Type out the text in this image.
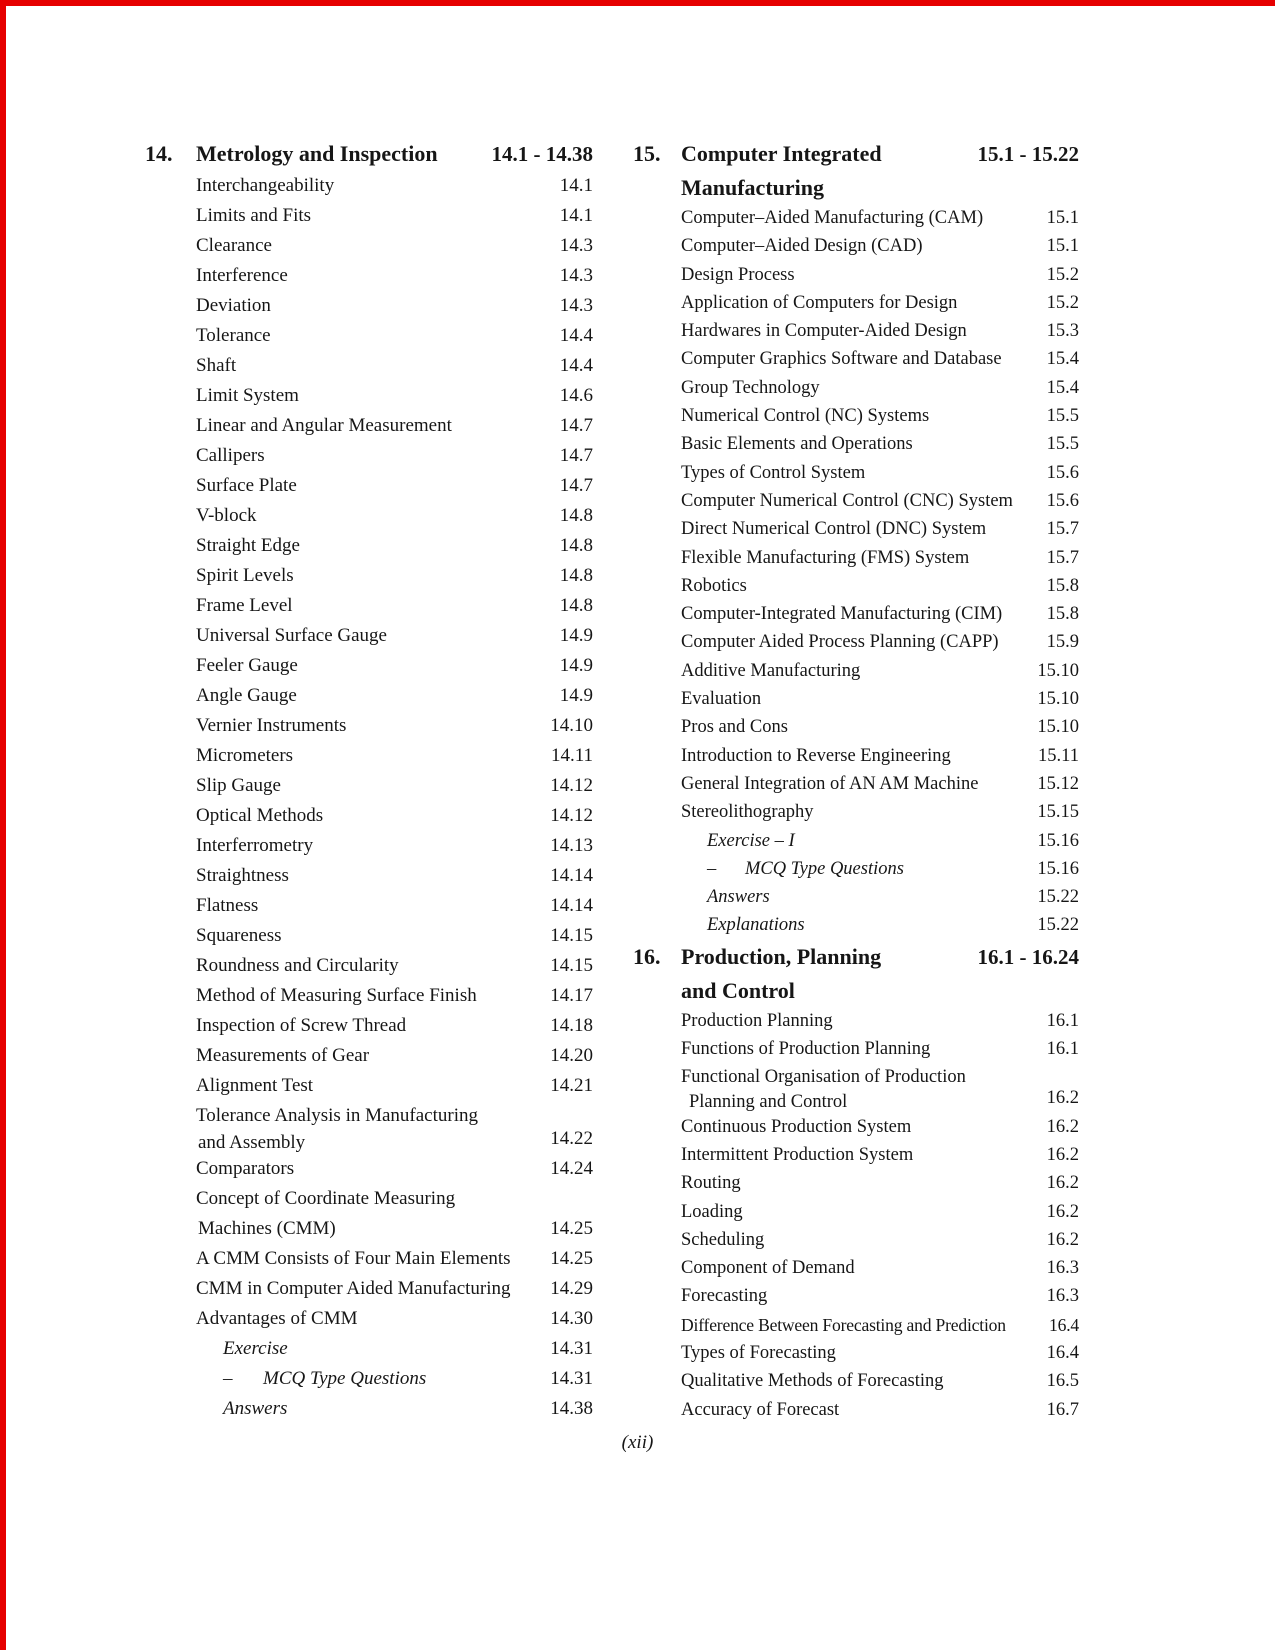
14. Metrology and Inspection	14.1 - 14.38
Interchangeability	14.1
Limits and Fits	14.1
Clearance	14.3
Interference	14.3
Deviation	14.3
Tolerance	14.4
Shaft	14.4
Limit System	14.6
Linear and Angular Measurement	14.7
Callipers	14.7
Surface Plate	14.7
V-block	14.8
Straight Edge	14.8
Spirit Levels	14.8
Frame Level	14.8
Universal Surface Gauge	14.9
Feeler Gauge	14.9
Angle Gauge	14.9
Vernier Instruments	14.10
Micrometers	14.11
Slip Gauge	14.12
Optical Methods	14.12
Interferrometry	14.13
Straightness	14.14
Flatness	14.14
Squareness	14.15
Roundness and Circularity	14.15
Method of Measuring Surface Finish	14.17
Inspection of Screw Thread	14.18
Measurements of Gear	14.20
Alignment Test	14.21
Tolerance Analysis in Manufacturing
and Assembly	14.22
Comparators	14.24
Concept of Coordinate Measuring
Machines (CMM)	14.25
A CMM Consists of Four Main Elements	14.25
CMM in Computer Aided Manufacturing	14.29
Advantages of CMM	14.30
Exercise	14.31
– MCQ Type Questions	14.31
Answers	14.38
15. Computer Integrated	15.1 - 15.22
Manufacturing
Computer–Aided Manufacturing (CAM)	15.1
Computer–Aided Design (CAD)	15.1
Design Process	15.2
Application of Computers for Design	15.2
Hardwares in Computer-Aided Design	15.3
Computer Graphics Software and Database	15.4
Group Technology	15.4
Numerical Control (NC) Systems	15.5
Basic Elements and Operations	15.5
Types of Control System	15.6
Computer Numerical Control (CNC) System	15.6
Direct Numerical Control (DNC) System	15.7
Flexible Manufacturing (FMS) System	15.7
Robotics	15.8
Computer-Integrated Manufacturing (CIM)	15.8
Computer Aided Process Planning (CAPP)	15.9
Additive Manufacturing	15.10
Evaluation	15.10
Pros and Cons	15.10
Introduction to Reverse Engineering	15.11
General Integration of AN AM Machine	15.12
Stereolithography	15.15
Exercise – I	15.16
– MCQ Type Questions	15.16
Answers	15.22
Explanations	15.22
16. Production, Planning	16.1 - 16.24
and Control
Production Planning	16.1
Functions of Production Planning	16.1
Functional Organisation of Production
Planning and Control	16.2
Continuous Production System	16.2
Intermittent Production System	16.2
Routing	16.2
Loading	16.2
Scheduling	16.2
Component of Demand	16.3
Forecasting	16.3
Difference Between Forecasting and Prediction	16.4
Types of Forecasting	16.4
Qualitative Methods of Forecasting	16.5
Accuracy of Forecast	16.7
(xii)
